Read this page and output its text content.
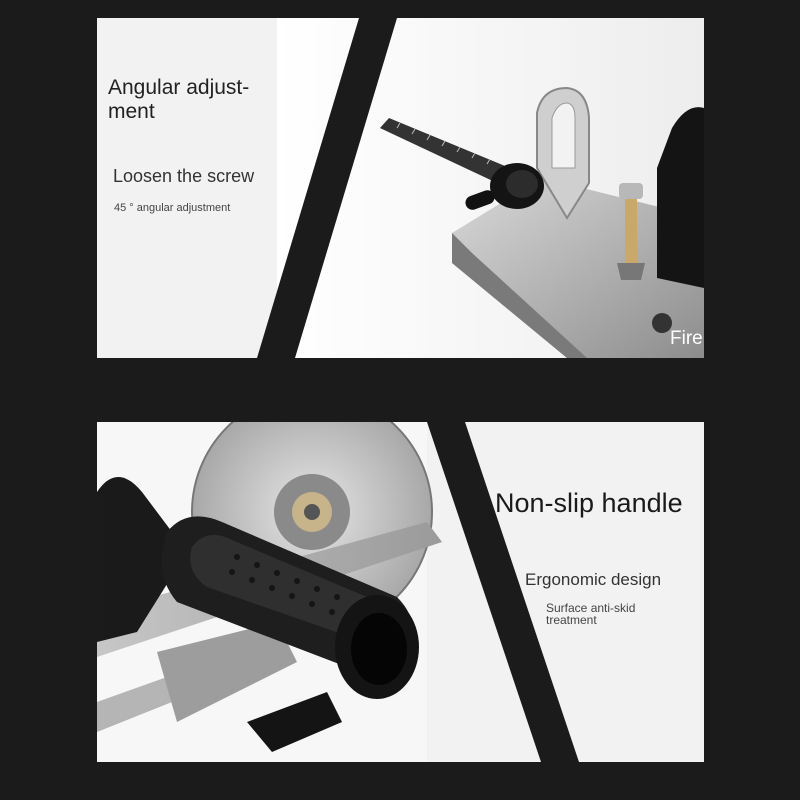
Angular adjust-ment
Loosen the screw
45 ° angular adjustment
Fire
Non-slip handle
Ergonomic design
Surface anti-skid treatment
